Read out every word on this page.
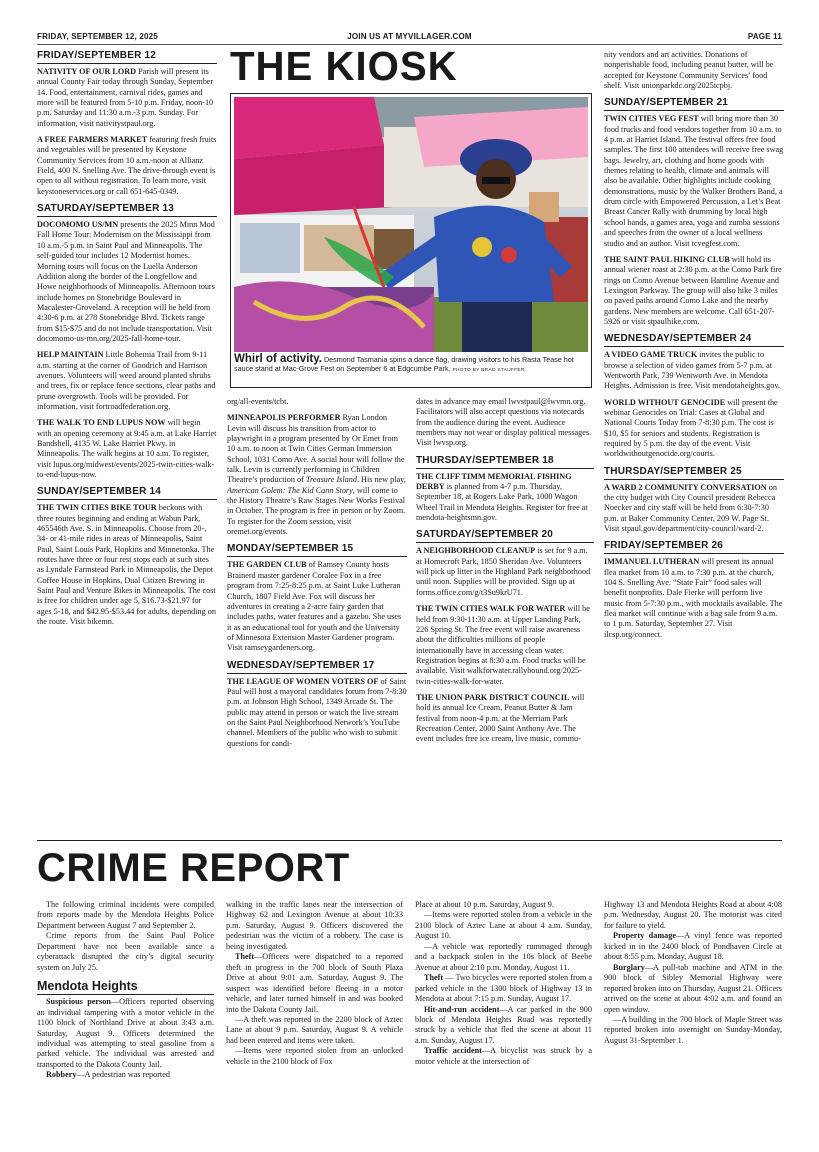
FRIDAY, SEPTEMBER 12, 2025	JOIN US AT MYVILLAGER.COM	PAGE 11
FRIDAY/SEPTEMBER 12

NATIVITY OF OUR LORD Parish will present its annual County Fair today through Sunday, September 14. Food, entertainment, carnival rides, games and more will be featured from 5-10 p.m. Friday, noon-10 p.m. Saturday and 11:30 a.m.-3 p.m. Sunday. For information, visit nativitystpaul.org.

A FREE FARMERS MARKET featuring fresh fruits and vegetables will be presented by Keystone Community Services from 10 a.m.-noon at Allianz Field, 400 N. Snelling Ave. The drive-through event is open to all without registration. To learn more, visit keystoneservices.org or call 651-645-0349.

SATURDAY/SEPTEMBER 13

DOCOMOMO US/MN presents the 2025 Minn Mod Fall Home Tour: Modernism on the Mississippi from 10 a.m.-5 p.m. in Saint Paul and Minneapolis. The self-guided tour includes 12 Modernist homes. Morning tours will focus on the Luella Anderson Addition along the border of the Longfellow and Howe neighborhoods of Minneapolis. Afternoon tours include homes on Stonebridge Boulevard in Macalester-Groveland. A reception will be held from 4:30-6 p.m. at 278 Stonebridge Blvd. Tickets range from $15-$75 and do not include transportation. Visit docomomo-us-mn.org/2025-fall-home-tour.

HELP MAINTAIN Little Bohemia Trail from 9-11 a.m. starting at the corner of Goodrich and Harrison avenues. Volunteers will weed around planted shrubs and trees, fix or replace fence sections, clear paths and prune overgrowth. Tools will be provided. For information, visit fortroadfederation.org.

THE WALK TO END LUPUS NOW will begin with an opening ceremony at 9:45 a.m. at Lake Harriet Bandshell, 4135 W. Lake Harriet Pkwy. in Minneapolis. The walk begins at 10 a.m. To register, visit lupus.org/midwest/events/2025-twin-cities-walk-to-end-lupus-now.

SUNDAY/SEPTEMBER 14

THE TWIN CITIES BIKE TOUR beckons with three routes beginning and ending at Wabun Park, 465546th Ave. S. in Minneapolis. Choose from 20-, 34- or 41-mile rides in areas of Minneapolis, Saint Paul, Saint Louis Park, Hopkins and Minnetonka. The routes have three or four rest stops each at such sites as Lyndale Farmstead Park in Minneapolis, the Depot Coffee House in Hopkins, Dual Citizen Brewing in Saint Paul and Venture Bikes in Minneapolis. The cost is free for children under age 5, $16.73-$21.97 for ages 5-18, and $42.95-$53.44 for adults, depending on the route. Visit bikemn.

THE KIOSK
Whirl of activity. Desmond Tasmania spins a dance flag, drawing visitors to his Rasta Tease hot sauce stand at Mac-Grove Fest on September 6 at Edgcumbe Park. PHOTO BY BRAD STAUFFER

org/all-events/tcbt.

MINNEAPOLIS PERFORMER Ryan London Levin will discuss his transition from actor to playwright in a program presented by Or Emet from 10 a.m. to noon at Twin Cities German Immersion School, 1031 Como Ave. A social hour will follow the talk. Levin is currently performing in Children Theatre’s production of Treasure Island. His new play, American Golem: The Kid Cann Story, will come to the History Theatre’s Raw Stages New Works Festival in October. The program is free in person or by Zoom. To register for the Zoom session, visit oremet.org/events.

MONDAY/SEPTEMBER 15

THE GARDEN CLUB of Ramsey County hosts Brainerd master gardener Coralee Fox in a free program from 7:25-8:25 p.m. at Saint Luke Lutheran Church, 1807 Field Ave. Fox will discuss her adventures in creating a 2-acre fairy garden that includes paths, water features and a gazebo. She uses it as an educational tool for youth and the University of Minnesota Extension Master Gardener program. Visit ramseygardeners.org.

WEDNESDAY/SEPTEMBER 17

THE LEAGUE OF WOMEN VOTERS OF of Saint Paul will host a mayoral candidates forum from 7-8:30 p.m. at Johnson High School, 1349 Arcade St. The public may attend in person or watch the live stream on the Saint Paul Neighborhood Network’s YouTube channel. Members of the public who wish to submit questions for candi-

dates in advance may email lwvstpaul@lwvmn.org. Facilitators will also accept questions via notecards from the audience during the event. Audience members may not wear or display political messages. Visit lwvsp.org.

THURSDAY/SEPTEMBER 18

THE CLIFF TIMM MEMORIAL FISHING DERBY is planned from 4-7 p.m. Thursday, September 18, at Rogers Lake Park, 1000 Wagon Wheel Trail in Mendota Heights. Register for free at mendota-heightsmn.gov.

SATURDAY/SEPTEMBER 20

A NEIGHBORHOOD CLEANUP is set for 9 a.m. at Homecroft Park, 1850 Sheridan Ave. Volunteers will pick up litter in the Highland Park neighborhood until noon. Supplies will be provided. Sign up at forms.office.com/g/t3Su9krU71.

THE TWIN CITIES WALK FOR WATER will be held from 9:30-11:30 a.m. at Upper Landing Park, 226 Spring St. The free event will raise awareness about the difficulties millions of people internationally have in accessing clean water. Registration begins at 8:30 a.m. Food trucks will be available. Visit walkforwater.rallybound.org/2025-twin-cities-walk-for-water.

THE UNION PARK DISTRICT COUNCIL will hold its annual Ice Cream, Peanut Butter & Jam festival from noon-4 p.m. at the Merriam Park Recreation Center, 2000 Saint Anthony Ave. The event includes free ice cream, live music, commu-

nity vendors and art activities. Donations of nonperishable food, including peanut butter, will be accepted for Keystone Community Services’ food shelf. Visit unionparkdc.org/2025icpbj.

SUNDAY/SEPTEMBER 21

TWIN CITIES VEG FEST will bring more than 30 food trucks and food vendors together from 10 a.m. to 4 p.m. at Harriet Island. The festival offers free food samples. The first 100 attendees will receive free swag bags. Jewelry, art, clothing and home goods with themes relating to health, climate and animals will also be available. Other highlights include cooking demonstrations, music by the Walker Brothers Band, a drum circle with Empowered Percussion, a Let’s Beat Breast Cancer Rally with drumming by local high school bands, a games area, yoga and zumba sessions and speeches from the owner of a local wellness studio and an author. Visit tcvegfest.com.

THE SAINT PAUL HIKING CLUB will hold its annual wiener roast at 2:30 p.m. at the Como Park fire rings on Como Avenue between Hamline Avenue and Lexington Parkway. The group will also hike 3 miles on paved paths around Como Lake and the nearby gardens. New members are welcome. Call 651-207-5926 or visit stpaulhike.com.

WEDNESDAY/SEPTEMBER 24

A VIDEO GAME TRUCK invites the public to browse a selection of video games from 5-7 p.m. at Wentworth Park, 739 Wentworth Ave. in Mendota Heights. Admission is free. Visit mendotaheights.gov.

WORLD WITHOUT GENOCIDE will present the webinar Genocides on Trial: Cases at Global and National Courts Today from 7-8:30 p.m. The cost is $10, $5 for seniors and students. Registration is required by 5 p.m. the day of the event. Visit worldwithoutgenocide.org/courts.

THURSDAY/SEPTEMBER 25

A WARD 2 COMMUNITY CONVERSATION on the city budget with City Council president Rebecca Noecker and city staff will be held from 6:30-7:30 p.m. at Baker Community Center, 209 W. Page St. Visit stpaul.gov/department/city-council/ward-2.

FRIDAY/SEPTEMBER 26

IMMANUEL LUTHERAN will present its annual flea market from 10 a.m. to 7:30 p.m. at the church, 104 S. Snelling Ave. “State Fair” food sales will benefit nonprofits. Dale Fierke will perform live music from 5-7:30 p.m., with mocktails available. The flea market will continue with a bag sale from 9 a.m. to 1 p.m. Saturday, September 27. Visit ilcsp.org/connect.

CRIME REPORT

The following criminal incidents were compiled from reports made by the Mendota Heights Police Department between August 7 and September 2.

Crime reports from the Saint Paul Police Department have not been available since a cyberattack disrupted the city’s digital security system on July 25.

Mendota Heights

Suspicious person—Officers reported observing an individual tampering with a motor vehicle in the 1100 block of Northland Drive at about 3:43 a.m. Saturday, August 9. Officers determined the individual was attempting to steal gasoline from a parked vehicle. The individual was arrested and transported to the Dakota County Jail.

Robbery—A pedestrian was reported

walking in the traffic lanes near the intersection of Highway 62 and Lexington Avenue at about 10:33 p.m. Saturday, August 9. Officers discovered the pedestrian was the victim of a robbery. The case is being investigated.

Theft—Officers were dispatched to a reported theft in progress in the 700 block of South Plaza Drive at about 9:01 a.m. Saturday, August 9. The suspect was identified before fleeing in a motor vehicle, and later turned himself in and was booked into the Dakota County Jail.

—A theft was reported in the 2200 block of Aztec Lane at about 9 p.m. Saturday, August 9. A vehicle had been entered and items were taken.

—Items were reported stolen from an unlocked vehicle in the 2100 block of Fox

Place at about 10 p.m. Saturday, August 9.

—Items were reported stolen from a vehicle in the 2100 block of Aztec Lane at about 4 a.m. Sunday, August 10.

—A vehicle was reportedly rummaged through and a backpack stolen in the 10s block of Beebe Avenue at about 2:10 p.m. Monday, August 11.

Theft — Two bicycles were reported stolen from a parked vehicle in the 1300 block of Highway 13 in Mendota at about 7:15 p.m. Sunday, August 17.

Hit-and-run accident—A car parked in the 900 block of Mendota Heights Road was reportedly struck by a vehicle that fled the scene at about 11 a.m. Sunday, August 17.

Traffic accident—A bicyclist was struck by a motor vehicle at the intersection of

Highway 13 and Mendota Heights Road at about 4:08 p.m. Wednesday, August 20. The motorist was cited for failure to yield.

Property damage—A vinyl fence was reported kicked in in the 2400 block of Pondhaven Circle at about 8:55 p.m. Monday, August 18.

Burglary—A pull-tab machine and ATM in the 900 block of Sibley Memorial Highway were reported broken into on Thursday, August 21. Officers arrived on the scene at about 4:02 a.m. and found an open window.

—A building in the 700 block of Maple Street was reported broken into overnight on Sunday-Monday, August 31-September 1.
